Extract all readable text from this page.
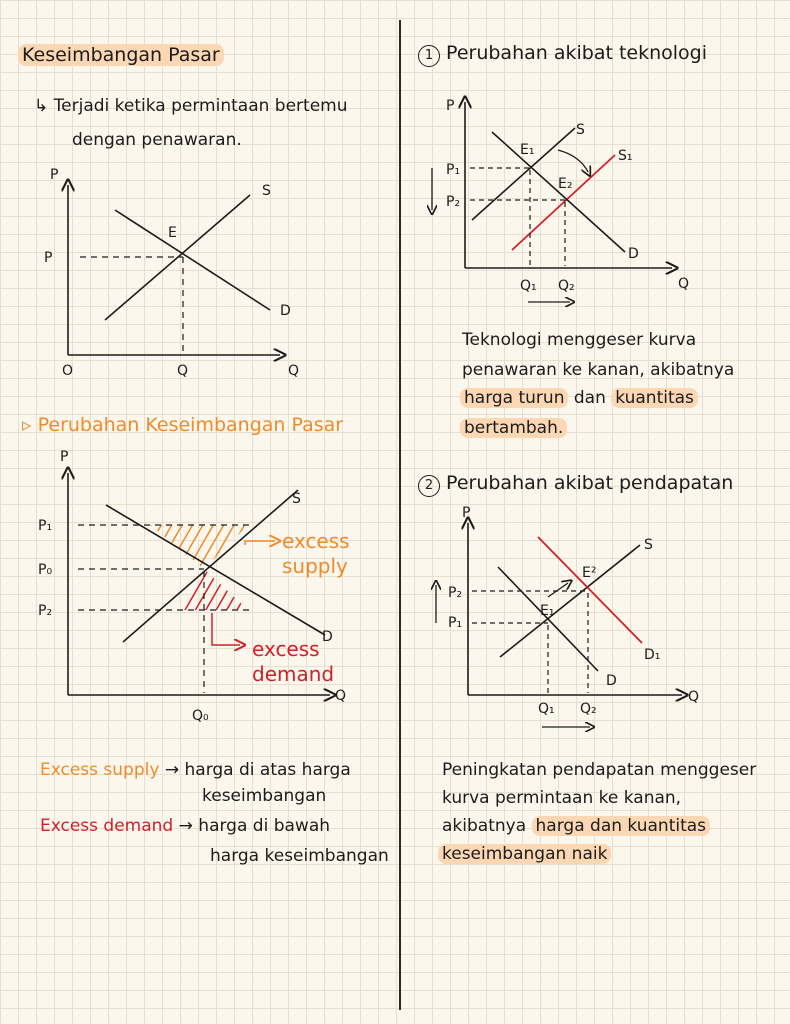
Keseimbangan Pasar
↳ Terjadi ketika permintaan bertemu
dengan penawaran.
P
P
E
S
D
O	Q	Q
▹ Perubahan Keseimbangan Pasar
P
P₁
P₀
P₂
S
D
Q₀
Q
excess
supply
excess
demand
Excess supply → harga di atas harga
keseimbangan
Excess demand → harga di bawah
harga keseimbangan
1 Perubahan akibat teknologi
P
E₁
E₂
P₁
P₂
Q₁ Q₂
S
S₁
D
Q
Teknologi menggeser kurva
penawaran ke kanan, akibatnya
harga turun dan kuantitas
bertambah.
2 Perubahan akibat pendapatan
P
E₁
E²
P₂
P₁
Q₁ Q₂
S
D
D₁
Q
Peningkatan pendapatan menggeser
kurva permintaan ke kanan,
akibatnya harga dan kuantitas
keseimbangan naik
